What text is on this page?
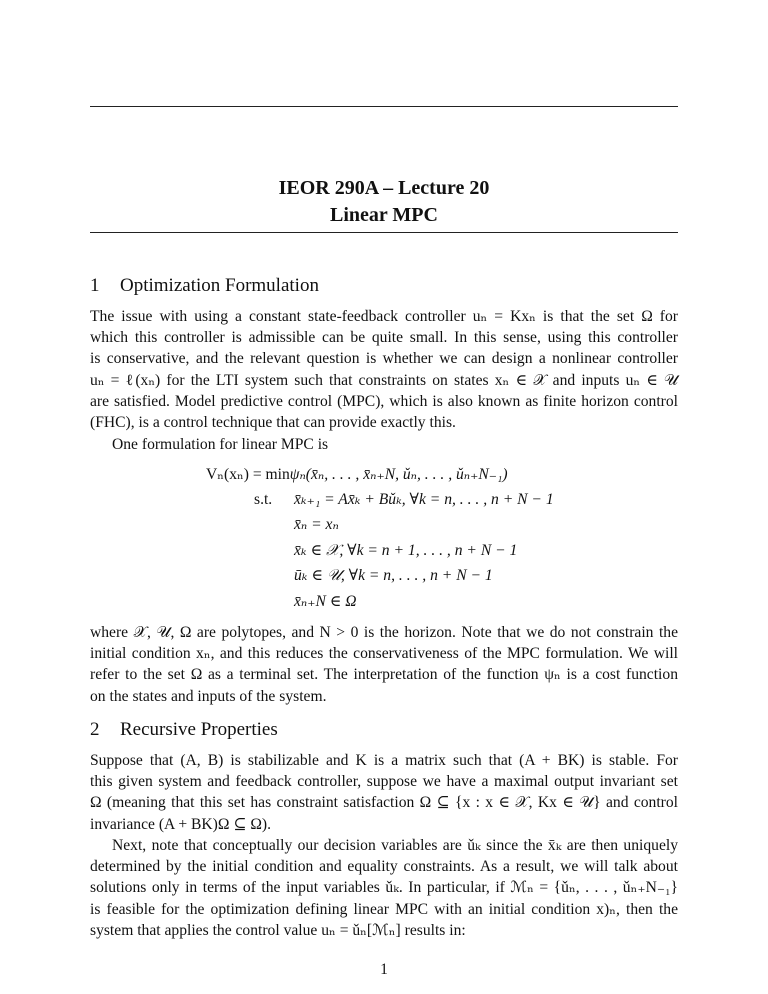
IEOR 290A – Lecture 20
Linear MPC
1 Optimization Formulation
The issue with using a constant state-feedback controller uₙ = Kxₙ is that the set Ω for
which this controller is admissible can be quite small. In this sense, using this controller
is conservative, and the relevant question is whether we can design a nonlinear controller
uₙ = ℓ(xₙ) for the LTI system such that constraints on states xₙ ∈ 𝒳 and inputs uₙ ∈ 𝒰
are satisfied. Model predictive control (MPC), which is also known as finite horizon control
(FHC), is a control technique that can provide exactly this.
One formulation for linear MPC is
Vₙ(xₙ) = minψₙ(x̄ₙ, . . . , x̄ₙ₊N, ǔₙ, . . . , ǔₙ₊N₋₁)
s.t. x̄ₖ₊₁ = Ax̄ₖ + Bǔₖ, ∀k = n, . . . , n + N − 1
x̄ₙ = xₙ
x̄ₖ ∈ 𝒳, ∀k = n + 1, . . . , n + N − 1
ūₖ ∈ 𝒰, ∀k = n, . . . , n + N − 1
x̄ₙ₊N ∈ Ω
where 𝒳, 𝒰, Ω are polytopes, and N > 0 is the horizon. Note that we do not constrain the
initial condition xₙ, and this reduces the conservativeness of the MPC formulation. We will
refer to the set Ω as a terminal set. The interpretation of the function ψₙ is a cost function
on the states and inputs of the system.
2 Recursive Properties
Suppose that (A, B) is stabilizable and K is a matrix such that (A + BK) is stable. For
this given system and feedback controller, suppose we have a maximal output invariant set
Ω (meaning that this set has constraint satisfaction Ω ⊆ {x : x ∈ 𝒳, Kx ∈ 𝒰} and control
invariance (A + BK)Ω ⊆ Ω).
Next, note that conceptually our decision variables are ǔₖ since the x̄ₖ are then uniquely
determined by the initial condition and equality constraints. As a result, we will talk about
solutions only in terms of the input variables ǔₖ. In particular, if ℳₙ = {ǔₙ, . . . , ǔₙ₊N₋₁}
is feasible for the optimization defining linear MPC with an initial condition x)ₙ, then the
system that applies the control value uₙ = ǔₙ[ℳₙ] results in:
1
